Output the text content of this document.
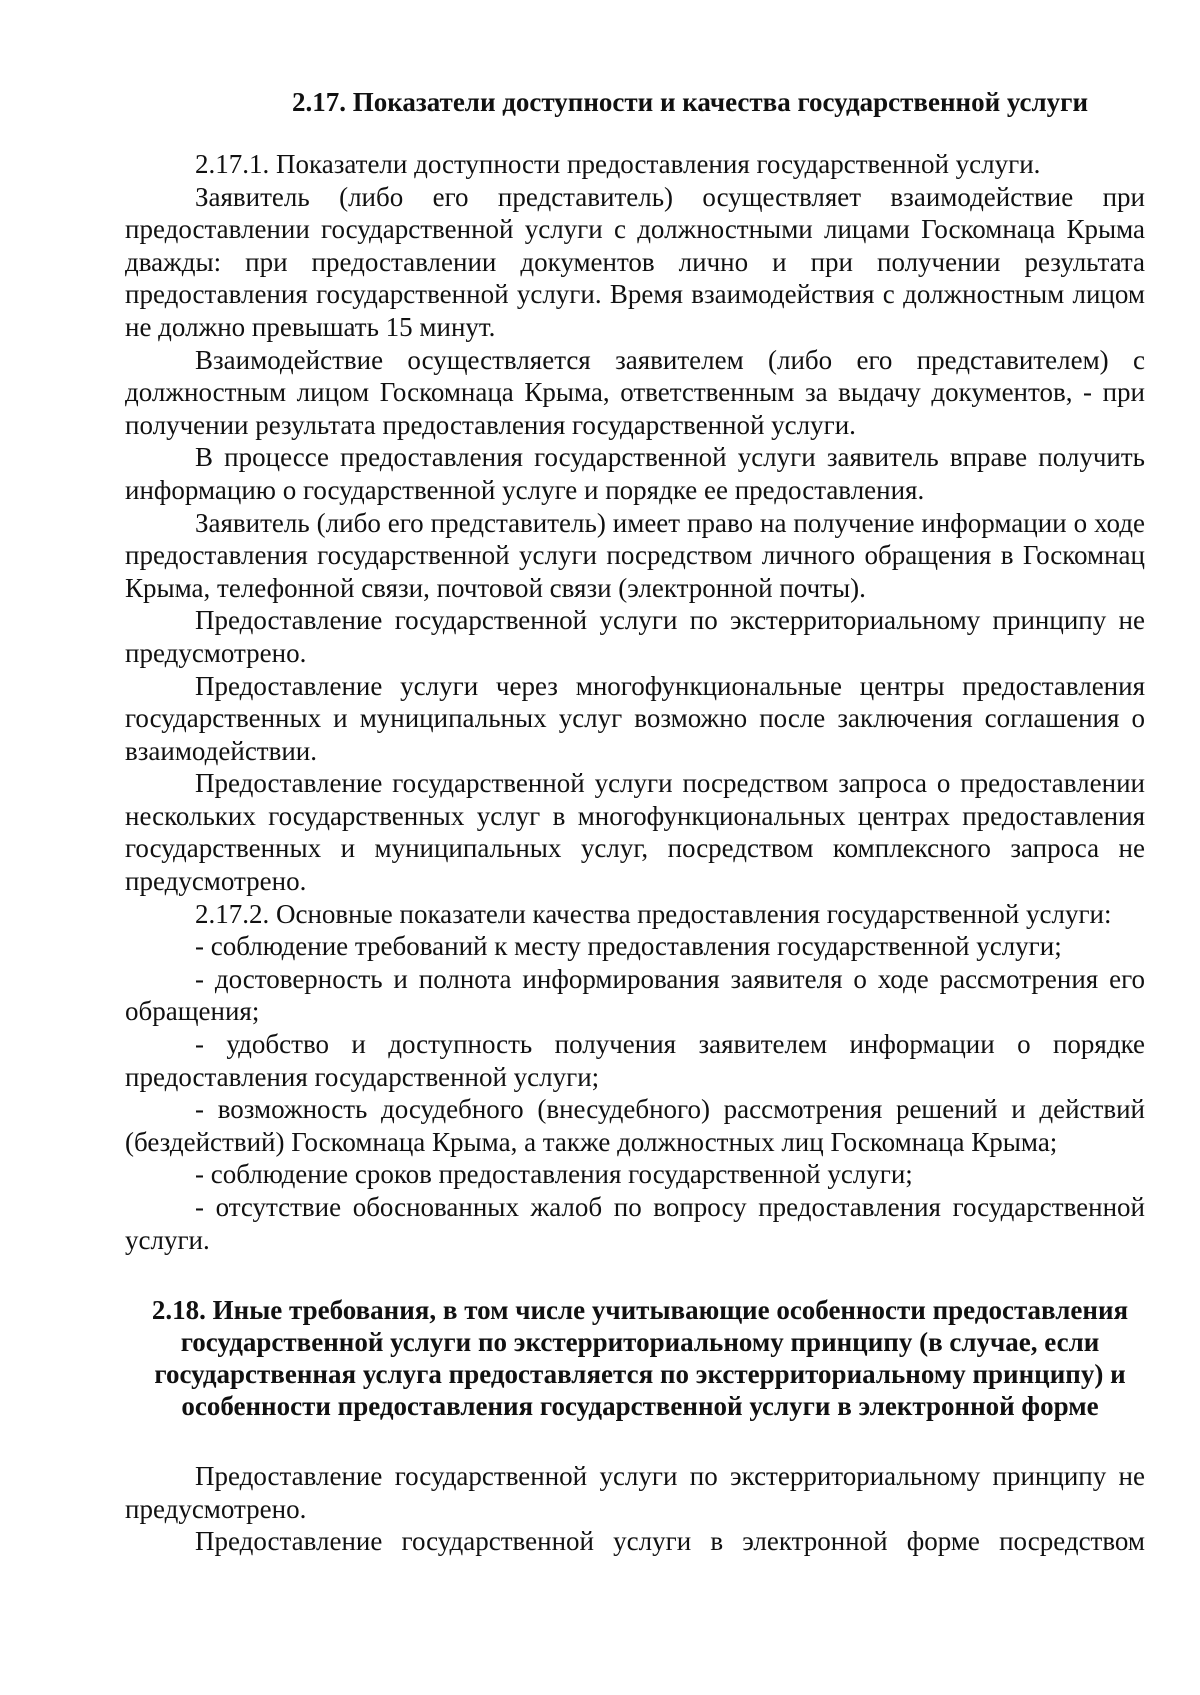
2.17. Показатели доступности и качества государственной услуги

2.17.1. Показатели доступности предоставления государственной услуги.

Заявитель (либо его представитель) осуществляет взаимодействие при предоставлении государственной услуги с должностными лицами Госкомнаца Крыма дважды: при предоставлении документов лично и при получении результата предоставления государственной услуги. Время взаимодействия с должностным лицом не должно превышать 15 минут.

Взаимодействие осуществляется заявителем (либо его представителем) с должностным лицом Госкомнаца Крыма, ответственным за выдачу документов, - при получении результата предоставления государственной услуги.

В процессе предоставления государственной услуги заявитель вправе получить информацию о государственной услуге и порядке ее предоставления.

Заявитель (либо его представитель) имеет право на получение информации о ходе предоставления государственной услуги посредством личного обращения в Госкомнац Крыма, телефонной связи, почтовой связи (электронной почты).

Предоставление государственной услуги по экстерриториальному принципу не предусмотрено.

Предоставление услуги через многофункциональные центры предоставления государственных и муниципальных услуг возможно после заключения соглашения о взаимодействии.

Предоставление государственной услуги посредством запроса о предоставлении нескольких государственных услуг в многофункциональных центрах предоставления государственных и муниципальных услуг, посредством комплексного запроса не предусмотрено.

2.17.2. Основные показатели качества предоставления государственной услуги:

- соблюдение требований к месту предоставления государственной услуги;

- достоверность и полнота информирования заявителя о ходе рассмотрения его обращения;

- удобство и доступность получения заявителем информации о порядке предоставления государственной услуги;

- возможность досудебного (внесудебного) рассмотрения решений и действий (бездействий) Госкомнаца Крыма, а также должностных лиц Госкомнаца Крыма;

- соблюдение сроков предоставления государственной услуги;

- отсутствие обоснованных жалоб по вопросу предоставления государственной услуги.

2.18. Иные требования, в том числе учитывающие особенности предоставления государственной услуги по экстерриториальному принципу (в случае, если государственная услуга предоставляется по экстерриториальному принципу) и особенности предоставления государственной услуги в электронной форме

Предоставление государственной услуги по экстерриториальному принципу не предусмотрено.

Предоставление государственной услуги в электронной форме посредством
